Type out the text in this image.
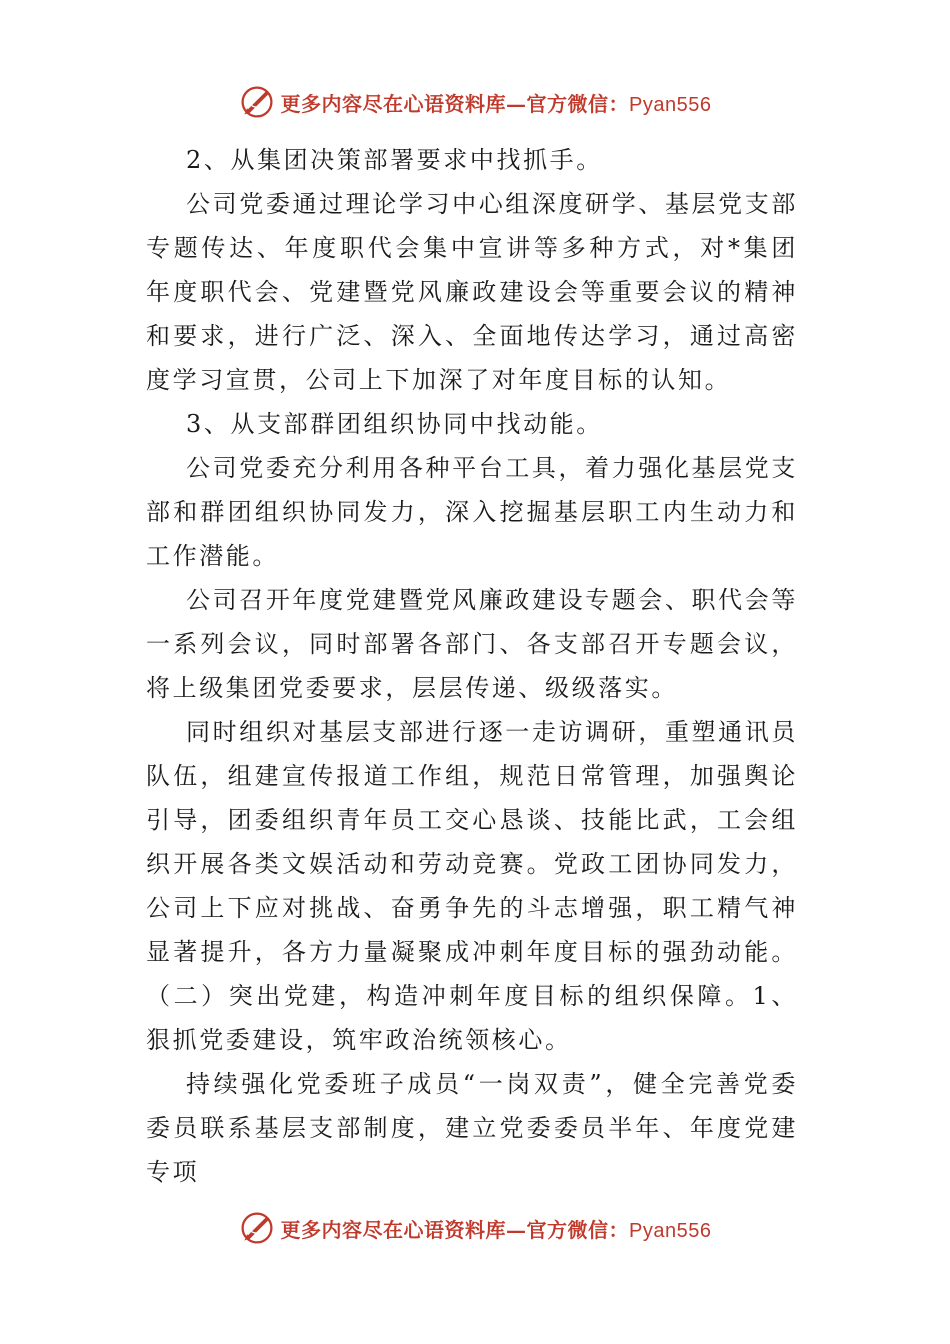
更多内容尽在心语资料库—官方微信：Pyan556

2、从集团决策部署要求中找抓手。

公司党委通过理论学习中心组深度研学、基层党支部专题传达、年度职代会集中宣讲等多种方式，对*集团年度职代会、党建暨党风廉政建设会等重要会议的精神和要求，进行广泛、深入、全面地传达学习，通过高密度学习宣贯，公司上下加深了对年度目标的认知。

3、从支部群团组织协同中找动能。

公司党委充分利用各种平台工具，着力强化基层党支部和群团组织协同发力，深入挖掘基层职工内生动力和工作潜能。

公司召开年度党建暨党风廉政建设专题会、职代会等一系列会议，同时部署各部门、各支部召开专题会议，将上级集团党委要求，层层传递、级级落实。

同时组织对基层支部进行逐一走访调研，重塑通讯员队伍，组建宣传报道工作组，规范日常管理，加强舆论引导，团委组织青年员工交心恳谈、技能比武，工会组织开展各类文娱活动和劳动竞赛。党政工团协同发力，公司上下应对挑战、奋勇争先的斗志增强，职工精气神显著提升，各方力量凝聚成冲刺年度目标的强劲动能。（二）突出党建，构造冲刺年度目标的组织保障。1、狠抓党委建设，筑牢政治统领核心。

持续强化党委班子成员“一岗双责”，健全完善党委委员联系基层支部制度，建立党委委员半年、年度党建专项

更多内容尽在心语资料库—官方微信：Pyan556
